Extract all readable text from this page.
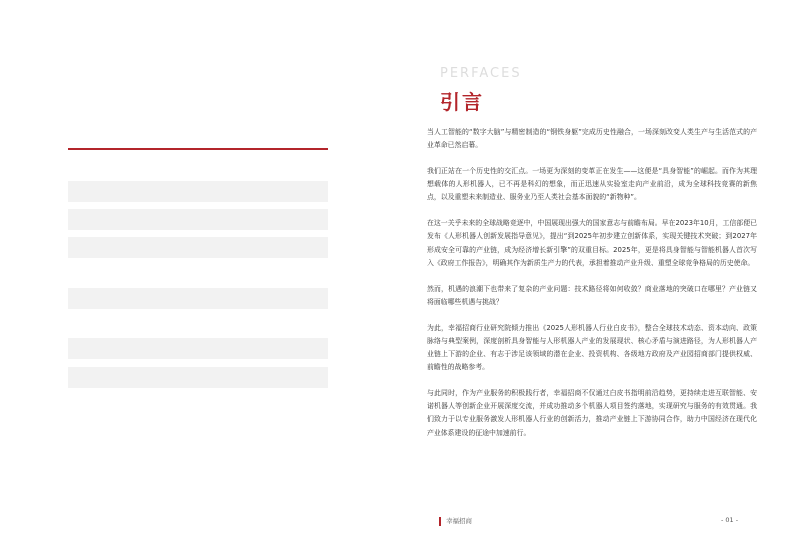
PERFACES
引言

当人工智能的“数字大脑”与精密制造的“钢铁身躯”完成历史性融合，一场深刻改变人类生产与生活范式的产业革命已然启幕。

我们正站在一个历史性的交汇点。一场更为深刻的变革正在发生——这便是“具身智能”的崛起。而作为其理想载体的人形机器人，已不再是科幻的想象，而正迅速从实验室走向产业前沿，成为全球科技竞赛的新焦点，以及重塑未来制造业、服务业乃至人类社会基本面貌的“新物种”。

在这一关乎未来的全球战略竞逐中，中国展现出强大的国家意志与前瞻布局。早在2023年10月，工信部便已发布《人形机器人创新发展指导意见》，提出“到2025年初步建立创新体系，实现关键技术突破；到2027年形成安全可靠的产业链，成为经济增长新引擎”的双重目标。2025年，更是将具身智能与智能机器人首次写入《政府工作报告》，明确其作为新质生产力的代表，承担着推动产业升级、重塑全球竞争格局的历史使命。

然而，机遇的浪潮下也带来了复杂的产业问题：技术路径将如何收敛？商业落地的突破口在哪里？产业链又将面临哪些机遇与挑战？

为此，幸福招商行业研究院倾力推出《2025人形机器人行业白皮书》，整合全球技术动态、资本动向、政策脉络与典型案例，深度剖析具身智能与人形机器人产业的发展现状、核心矛盾与演进路径，为人形机器人产业链上下游的企业、有志于涉足该领域的潜在企业、投资机构、各级地方政府及产业园招商部门提供权威、前瞻性的战略参考。

与此同时，作为产业服务的积极践行者，幸福招商不仅通过白皮书指明前沿趋势，更持续走进互联智能、安诺机器人等创新企业开展深度交流，并成功推动多个机器人项目签约落地，实现研究与服务的有效贯通。我们致力于以专业服务激发人形机器人行业的创新活力，推动产业链上下游协同合作，助力中国经济在现代化产业体系建设的征途中加速前行。

幸福招商	- 01 -
